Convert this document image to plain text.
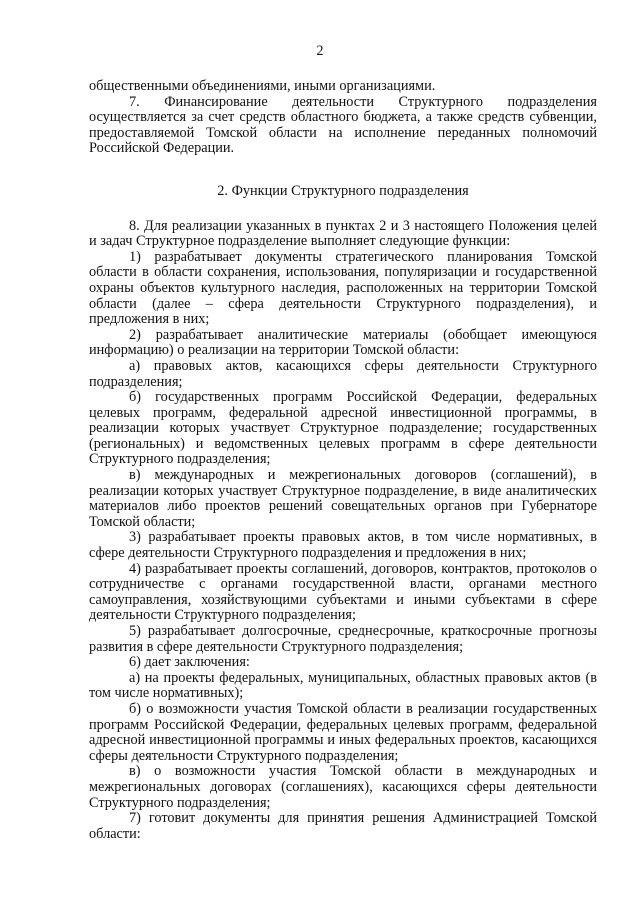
2

общественными объединениями, иными организациями.

7. Финансирование деятельности Структурного подразделения осуществляется за счет средств областного бюджета, а также средств субвенции, предоставляемой Томской области на исполнение переданных полномочий Российской Федерации.

2. Функции Структурного подразделения

8. Для реализации указанных в пунктах 2 и 3 настоящего Положения целей и задач Структурное подразделение выполняет следующие функции:

1) разрабатывает документы стратегического планирования Томской области в области сохранения, использования, популяризации и государственной охраны объектов культурного наследия, расположенных на территории Томской области (далее – сфера деятельности Структурного подразделения), и предложения в них;

2) разрабатывает аналитические материалы (обобщает имеющуюся информацию) о реализации на территории Томской области:

а) правовых актов, касающихся сферы деятельности Структурного подразделения;

б) государственных программ Российской Федерации, федеральных целевых программ, федеральной адресной инвестиционной программы, в реализации которых участвует Структурное подразделение; государственных (региональных) и ведомственных целевых программ в сфере деятельности Структурного подразделения;

в) международных и межрегиональных договоров (соглашений), в реализации которых участвует Структурное подразделение, в виде аналитических материалов либо проектов решений совещательных органов при Губернаторе Томской области;

3) разрабатывает проекты правовых актов, в том числе нормативных, в сфере деятельности Структурного подразделения и предложения в них;

4) разрабатывает проекты соглашений, договоров, контрактов, протоколов о сотрудничестве с органами государственной власти, органами местного самоуправления, хозяйствующими субъектами и иными субъектами в сфере деятельности Структурного подразделения;

5) разрабатывает долгосрочные, среднесрочные, краткосрочные прогнозы развития в сфере деятельности Структурного подразделения;

6) дает заключения:

а) на проекты федеральных, муниципальных, областных правовых актов (в том числе нормативных);

б) о возможности участия Томской области в реализации государственных программ Российской Федерации, федеральных целевых программ, федеральной адресной инвестиционной программы и иных федеральных проектов, касающихся сферы деятельности Структурного подразделения;

в) о возможности участия Томской области в международных и межрегиональных договорах (соглашениях), касающихся сферы деятельности Структурного подразделения;

7) готовит документы для принятия решения Администрацией Томской области:
